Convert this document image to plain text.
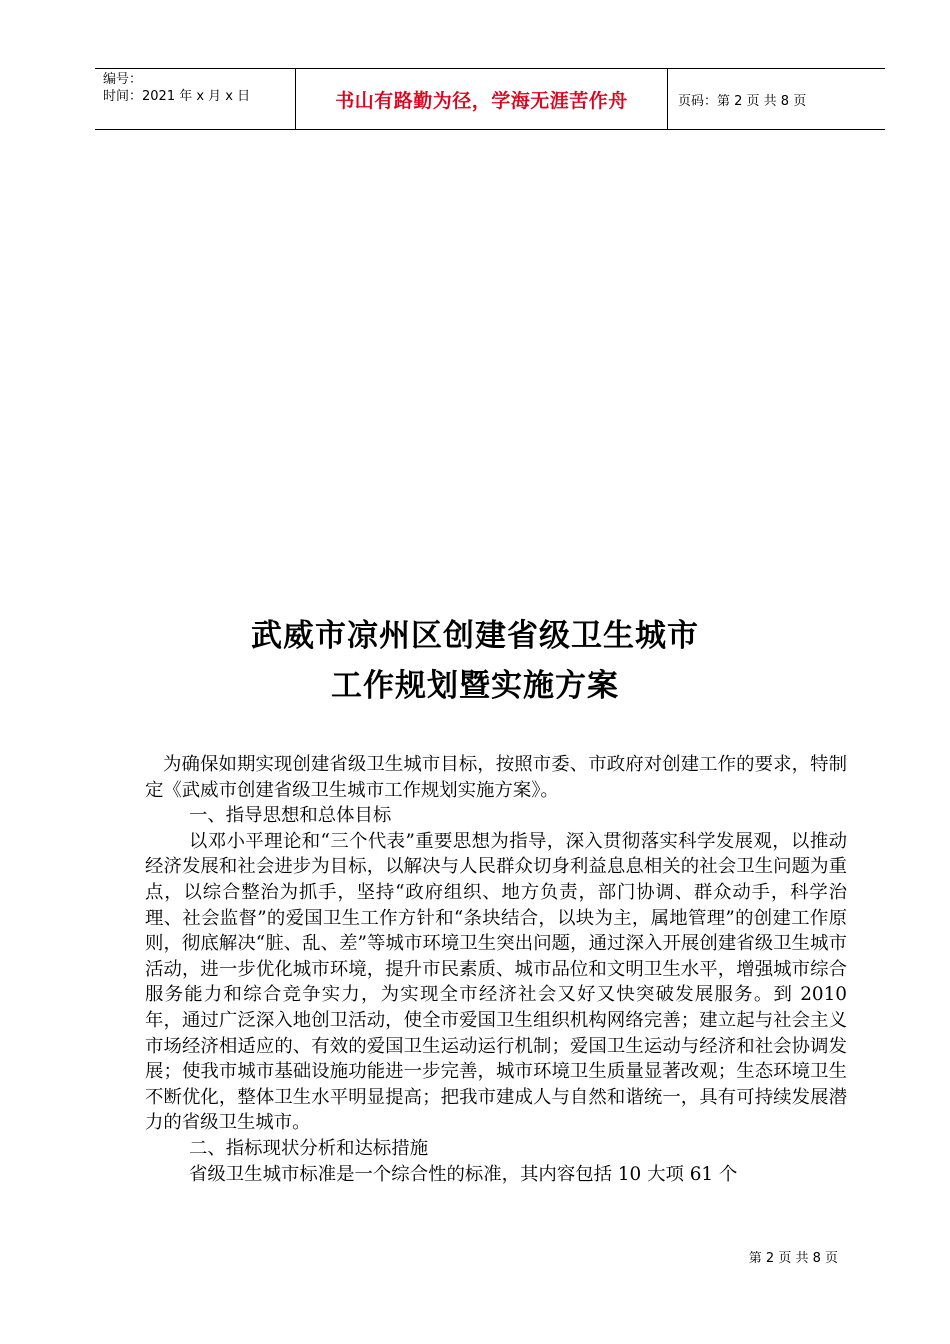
编号：
时间：2021 年 x 月 x 日	书山有路勤为径，学海无涯苦作舟	页码：第 2 页 共 8 页
武威市凉州区创建省级卫生城市
工作规划暨实施方案

为确保如期实现创建省级卫生城市目标，按照市委、市政府对创建工作的要求，特制定《武威市创建省级卫生城市工作规划实施方案》。

一、指导思想和总体目标

以邓小平理论和“三个代表”重要思想为指导，深入贯彻落实科学发展观，以推动经济发展和社会进步为目标，以解决与人民群众切身利益息息相关的社会卫生问题为重点，以综合整治为抓手，坚持“政府组织、地方负责，部门协调、群众动手，科学治理、社会监督”的爱国卫生工作方针和“条块结合，以块为主，属地管理”的创建工作原则，彻底解决“脏、乱、差”等城市环境卫生突出问题，通过深入开展创建省级卫生城市活动，进一步优化城市环境，提升市民素质、城市品位和文明卫生水平，增强城市综合服务能力和综合竞争实力，为实现全市经济社会又好又快突破发展服务。到 2010 年，通过广泛深入地创卫活动，使全市爱国卫生组织机构网络完善；建立起与社会主义市场经济相适应的、有效的爱国卫生运动运行机制；爱国卫生运动与经济和社会协调发展；使我市城市基础设施功能进一步完善，城市环境卫生质量显著改观；生态环境卫生不断优化，整体卫生水平明显提高；把我市建成人与自然和谐统一，具有可持续发展潜力的省级卫生城市。

二、指标现状分析和达标措施

省级卫生城市标准是一个综合性的标准，其内容包括 10 大项 61 个

第 2 页 共 8 页
